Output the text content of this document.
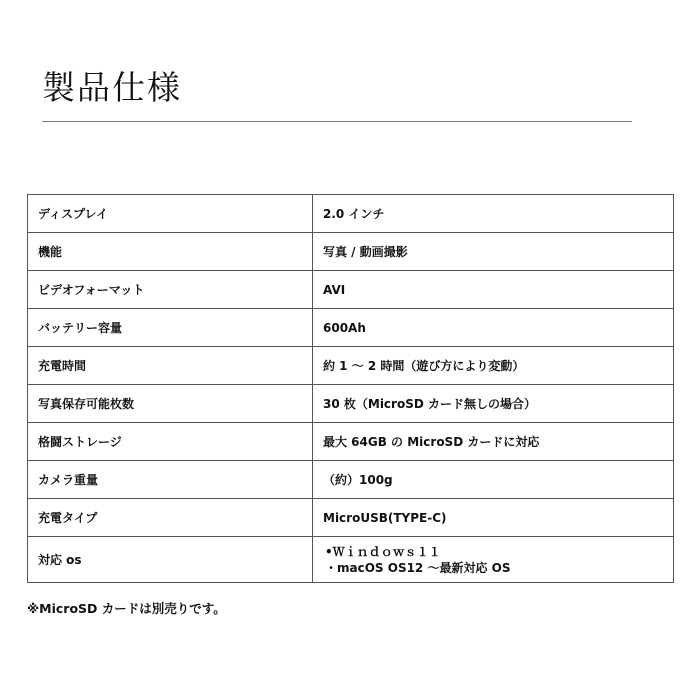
製品仕様
ディスプレイ	2.0 インチ
機能	写真 / 動画撮影
ビデオフォーマット	AVI
バッテリー容量	600Ah
充電時間	約 1 ～ 2 時間（遊び方により変動）
写真保存可能枚数	30 枚（MicroSD カード無しの場合）
格闘ストレージ	最大 64GB の MicroSD カードに対応
カメラ重量	（約）100g
充電タイプ	MicroUSB(TYPE-C)
対応 os	•Ｗｉｎｄｏｗｓ１１
・macOS OS12 ～最新対応 OS
※MicroSD カードは別売りです。
